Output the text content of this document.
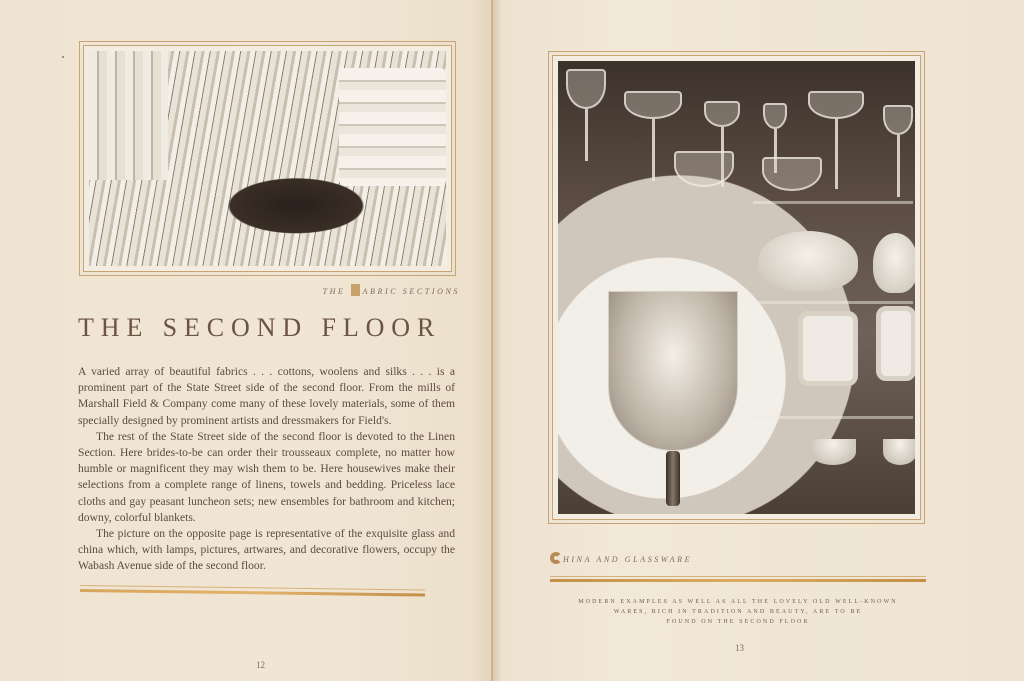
THE ABRIC SECTIONS
THE SECOND FLOOR

A varied array of beautiful fabrics . . . cottons, woolens and silks . . . is a prominent part of the State Street side of the second floor. From the mills of Marshall Field & Company come many of these lovely materials, some of them specially designed by prominent artists and dressmakers for Field's.

The rest of the State Street side of the second floor is devoted to the Linen Section. Here brides-to-be can order their trousseaux complete, no matter how humble or magnificent they may wish them to be. Here housewives make their selections from a complete range of linens, towels and bedding. Priceless lace cloths and gay peasant luncheon sets; new ensembles for bathroom and kitchen; downy, colorful blankets.

The picture on the opposite page is representative of the exquisite glass and china which, with lamps, pictures, artwares, and decorative flowers, occupy the Wabash Avenue side of the second floor.

12
HINA AND GLASSWARE
MODERN EXAMPLES AS WELL AS ALL THE LOVELY OLD WELL-KNOWN
WARES, RICH IN TRADITION AND BEAUTY, ARE TO BE
FOUND ON THE SECOND FLOOR
13
